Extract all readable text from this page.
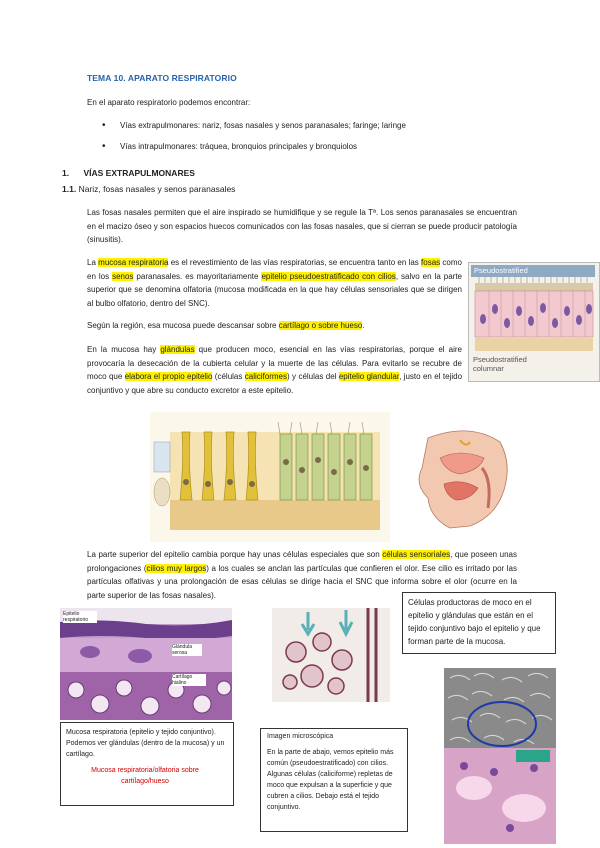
TEMA 10. APARATO RESPIRATORIO
En el aparato respiratorio podemos encontrar:
• Vías extrapulmonares: nariz, fosas nasales y senos paranasales; faringe; laringe
• Vías intrapulmonares: tráquea, bronquios principales y bronquiolos
1. VÍAS EXTRAPULMONARES
1.1. Nariz, fosas nasales y senos paranasales
Las fosas nasales permiten que el aire inspirado se humidifique y se regule la Tª. Los senos paranasales se encuentran en el macizo óseo y son espacios huecos comunicados con las fosas nasales, que si cierran se puede producir patología (sinusitis).
La mucosa respiratoria es el revestimiento de las vías respiratorias, se encuentra tanto en las fosas como en los senos paranasales. es mayoritariamente epitelio pseudoestratificado con cilios, salvo en la parte superior que se denomina olfatoria (mucosa modificada en la que hay células sensoriales que se dirigen al bulbo olfatorio, dentro del SNC).
Según la región, esa mucosa puede descansar sobre cartílago o sobre hueso.
En la mucosa hay glándulas que producen moco, esencial en las vías respiratorias, porque el aire provocaría la desecación de la cubierta celular y la muerte de las células. Para evitarlo se recubre de moco que elabora el propio epitelio (células caliciformes) y células del epitelio glandular, justo en el tejido conjuntivo y que abre su conducto excretor a este epitelio.
Pseudostratified
Pseudostratified
columnar
La parte superior del epitelio cambia porque hay unas células especiales que son células sensoriales, que poseen unas prolongaciones (cilios muy largos) a los cuales se anclan las partículas que confieren el olor. Ese cilio es irritado por las partículas olfativas y una prolongación de esas células se dirige hacia el SNC que informa sobre el olor (ocurre en la parte superior de las fosas nasales).
Células productoras de moco en el epitelio y glándulas que están en el tejido conjuntivo bajo el epitelio y que forman parte de la mucosa.
Epitelio respiratorio
Glándula serosa
Cartílago hialino
Mucosa respiratoria (epitelio y tejido conjuntivo). Podemos ver glándulas (dentro de la mucosa) y un cartílago.
Mucosa respiratoria/olfatoria sobre cartílago/hueso
Imagen microscópica
En la parte de abajo, vemos epitelio más común (pseudoestratificado) con cilios. Algunas células (caliciforme) repletas de moco que expulsan a la superficie y que cubren a cilios. Debajo está el tejido conjuntivo.
